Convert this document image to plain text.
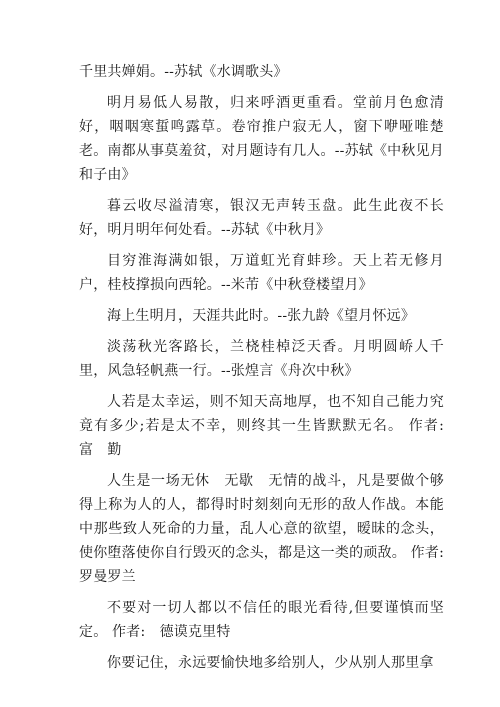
千里共婵娟。--苏轼《水调歌头》

明月易低人易散，归来呼酒更重看。堂前月色愈清好，咽咽寒蜇鸣露草。卷帘推户寂无人，窗下咿哑唯楚老。南都从事莫羞贫，对月题诗有几人。--苏轼《中秋见月和子由》

暮云收尽溢清寒，银汉无声转玉盘。此生此夜不长好，明月明年何处看。--苏轼《中秋月》

目穷淮海满如银，万道虹光育蚌珍。天上若无修月户，桂枝撑损向西轮。--米芾《中秋登楼望月》

海上生明月，天涯共此时。--张九龄《望月怀远》

淡荡秋光客路长，兰桡桂棹泛天香。月明圆峤人千里，风急轻帆燕一行。--张煌言《舟次中秋》

人若是太幸运，则不知天高地厚，也不知自己能力究竟有多少;若是太不幸，则终其一生皆默默无名。 作者:　富　勤

人生是一场无休　无歇　无情的战斗，凡是要做个够得上称为人的人，都得时时刻刻向无形的敌人作战。本能中那些致人死命的力量，乱人心意的欲望，暧昧的念头，使你堕落使你自行毁灭的念头，都是这一类的顽敌。 作者:　罗曼罗兰

不要对一切人都以不信任的眼光看待,但要谨慎而坚定。 作者:　德谟克里特

你要记住，永远要愉快地多给别人，少从别人那里拿
